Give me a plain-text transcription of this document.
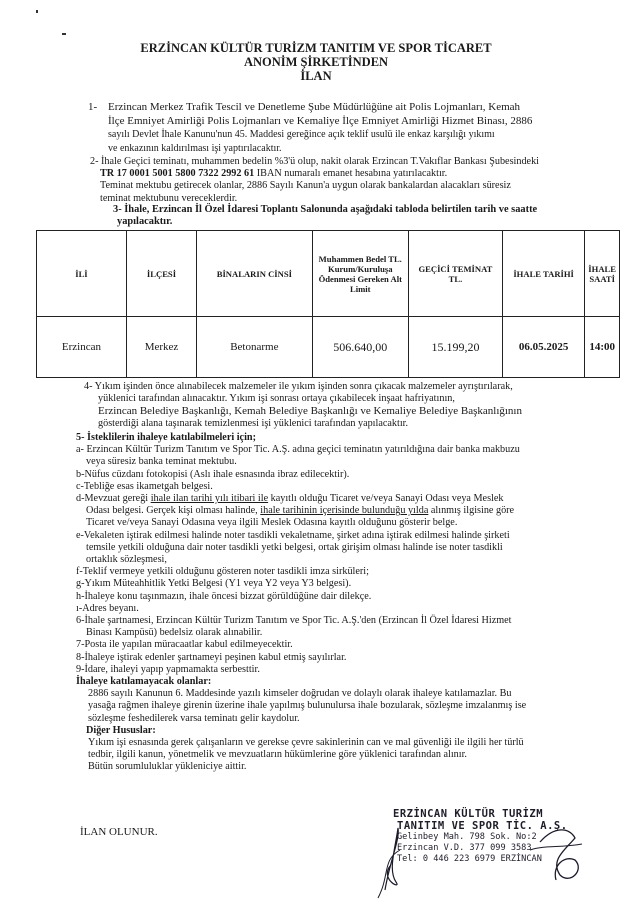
ERZİNCAN KÜLTÜR TURİZM TANITIM VE SPOR TİCARET
ANONİM ŞİRKETİNDEN
İLAN
1- Erzincan Merkez Trafik Tescil ve Denetleme Şube Müdürlüğüne ait Polis Lojmanları, Kemah
İlçe Emniyet Amirliği Polis Lojmanları ve Kemaliye İlçe Emniyet Amirliği Hizmet Binası, 2886
sayılı Devlet İhale Kanunu'nun 45. Maddesi gereğince açık teklif usulü ile enkaz karşılığı yıkımı
ve enkazının kaldırılması işi yaptırılacaktır.
2- İhale Geçici teminatı, muhammen bedelin %3'ü olup, nakit olarak Erzincan T.Vakıflar Bankası Şubesindeki
TR 17 0001 5001 5800 7322 2992 61 IBAN numaralı emanet hesabına yatırılacaktır.
Teminat mektubu getirecek olanlar, 2886 Sayılı Kanun'a uygun olarak bankalardan alacakları süresiz
teminat mektubunu vereceklerdir.
3- İhale, Erzincan İl Özel İdaresi Toplantı Salonunda aşağıdaki tabloda belirtilen tarih ve saatte
yapılacaktır.
İLİ	İLÇESİ	BİNALARIN CİNSİ	Muhammen Bedel TL. Kurum/Kuruluşa Ödenmesi Gereken Alt Limit	GEÇİCİ TEMİNAT TL.	İHALE TARİHİ	İHALE SAATİ
Erzincan	Merkez	Betonarme	506.640,00	15.199,20	06.05.2025	14:00
4- Yıkım işinden önce alınabilecek malzemeler ile yıkım işinden sonra çıkacak malzemeler ayrıştırılarak,
yüklenici tarafından alınacaktır. Yıkım işi sonrası ortaya çıkabilecek inşaat hafriyatının,
Erzincan Belediye Başkanlığı, Kemah Belediye Başkanlığı ve Kemaliye Belediye Başkanlığının
gösterdiği alana taşınarak temizlenmesi işi yüklenici tarafından yapılacaktır.
5- İsteklilerin ihaleye katılabilmeleri için;
a- Erzincan Kültür Turizm Tanıtım ve Spor Tic. A.Ş. adına geçici teminatın yatırıldığına dair banka makbuzu
veya süresiz banka teminat mektubu.
b-Nüfus cüzdanı fotokopisi (Aslı ihale esnasında ibraz edilecektir).
c-Tebliğe esas ikametgah belgesi.
d-Mevzuat gereği ihale ilan tarihi yılı itibari ile kayıtlı olduğu Ticaret ve/veya Sanayi Odası veya Meslek
Odası belgesi. Gerçek kişi olması halinde, ihale tarihinin içerisinde bulunduğu yılda alınmış ilgisine göre
Ticaret ve/veya Sanayi Odasına veya ilgili Meslek Odasına kayıtlı olduğunu gösterir belge.
e-Vekaleten iştirak edilmesi halinde noter tasdikli vekaletname, şirket adına iştirak edilmesi halinde şirketi
temsile yetkili olduğuna dair noter tasdikli yetki belgesi, ortak girişim olması halinde ise noter tasdikli
ortaklık sözleşmesi,
f-Teklif vermeye yetkili olduğunu gösteren noter tasdikli imza sirküleri;
g-Yıkım Müteahhitlik Yetki Belgesi (Y1 veya Y2 veya Y3 belgesi).
h-İhaleye konu taşınmazın, ihale öncesi bizzat görüldüğüne dair dilekçe.
ı-Adres beyanı.
6-İhale şartnamesi, Erzincan Kültür Turizm Tanıtım ve Spor Tic. A.Ş.'den (Erzincan İl Özel İdaresi Hizmet
Binası Kampüsü) bedelsiz olarak alınabilir.
7-Posta ile yapılan müracaatlar kabul edilmeyecektir.
8-İhaleye iştirak edenler şartnameyi peşinen kabul etmiş sayılırlar.
9-İdare, ihaleyi yapıp yapmamakta serbesttir.
İhaleye katılamayacak olanlar:
2886 sayılı Kanunun 6. Maddesinde yazılı kimseler doğrudan ve dolaylı olarak ihaleye katılamazlar. Bu
yasağa rağmen ihaleye girenin üzerine ihale yapılmış bulunulursa ihale bozularak, sözleşme imzalanmış ise
sözleşme feshedilerek varsa teminatı gelir kaydolur.
Diğer Hususlar:
Yıkım işi esnasında gerek çalışanların ve gerekse çevre sakinlerinin can ve mal güvenliği ile ilgili her türlü
tedbir, ilgili kanun, yönetmelik ve mevzuatların hükümlerine göre yüklenici tarafından alınır.
Bütün sorumluluklar yükleniciye aittir.
İLAN OLUNUR.
ERZİNCAN KÜLTÜR TURİZM
TANITIM VE SPOR TİC. A.Ş.
Gelinbey Mah. 798 Sok. No:2
Erzincan V.D. 377 099 3583
Tel: 0 446 223 6979 ERZİNCAN
